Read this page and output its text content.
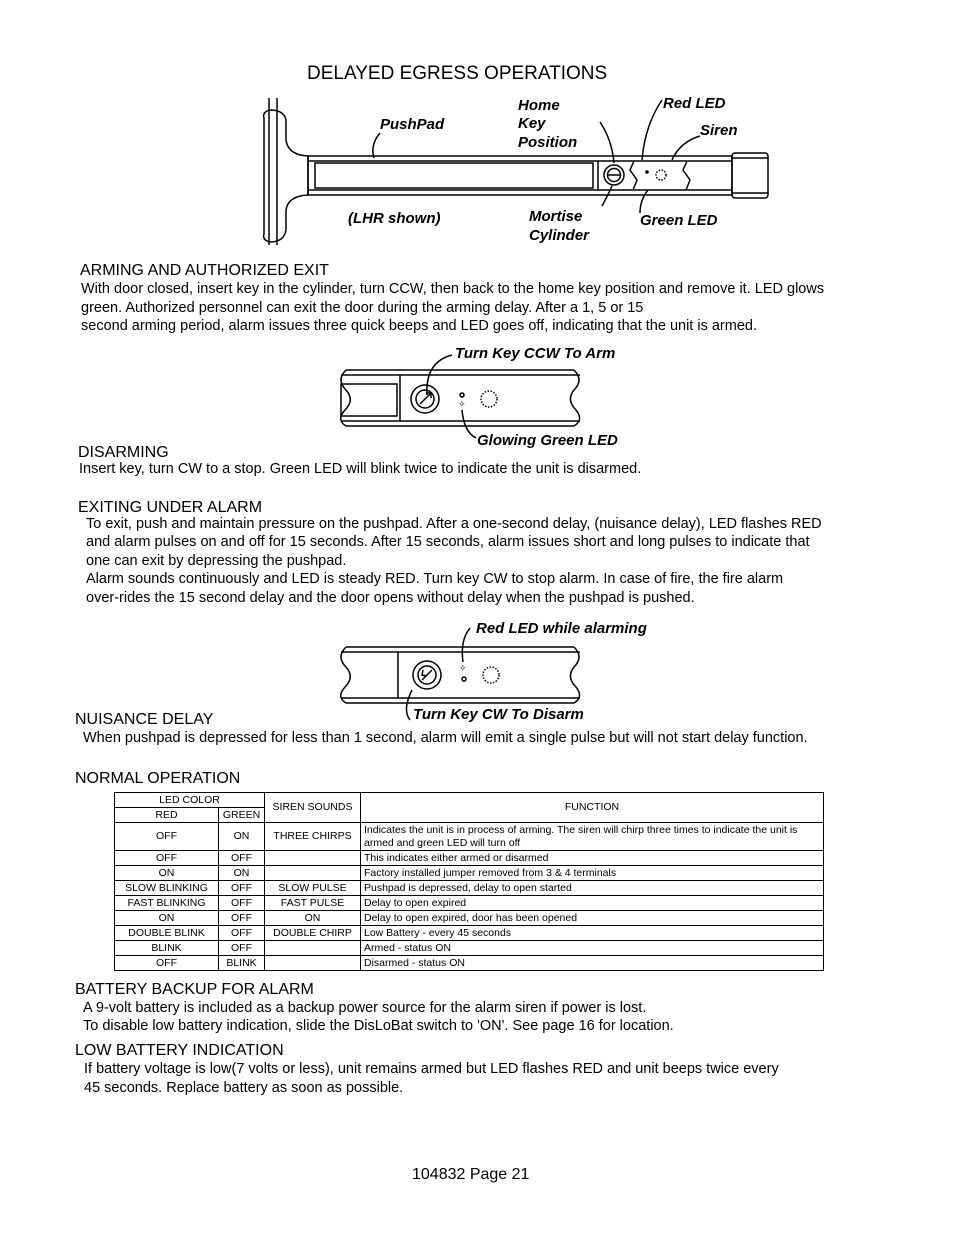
DELAYED EGRESS OPERATIONS
PushPad
Home
Key
Position
Red LED
Siren
(LHR shown)	Mortise
Cylinder
Green LED
ARMING AND AUTHORIZED EXIT
With door closed, insert key in the cylinder, turn CCW, then back to the home key position and remove it. LED glows
green. Authorized personnel can exit the door during the arming delay. After a 1, 5 or 15
second arming period, alarm issues three quick beeps and LED goes off, indicating that the unit is armed.
✧
Turn Key CCW To Arm
Glowing Green LED
DISARMING
Insert key, turn CW to a stop. Green LED will blink twice to indicate the unit is disarmed.
EXITING UNDER ALARM
To exit, push and maintain pressure on the pushpad. After a one-second delay, (nuisance delay), LED flashes RED
and alarm pulses on and off for 15 seconds. After 15 seconds, alarm issues short and long pulses to indicate that
one can exit by depressing the pushpad.
Alarm sounds continuously and LED is steady RED. Turn key CW to stop alarm. In case of fire, the fire alarm
over-rides the 15 second delay and the door opens without delay when the pushpad is pushed.
✧
Red LED while alarming
Turn Key CW To Disarm
NUISANCE DELAY
When pushpad is depressed for less than 1 second, alarm will emit a single pulse but will not start delay function.
NORMAL OPERATION
LED COLOR		SIREN SOUNDS	FUNCTION
RED	GREEN		
OFF	ON	THREE CHIRPS	Indicates the unit is in process of arming. The siren will chirp three times to indicate the unit is armed and green LED will turn off
OFF	OFF		This indicates either armed or disarmed
ON	ON		Factory installed jumper removed from 3 & 4 terminals
SLOW BLINKING	OFF	SLOW PULSE	Pushpad is depressed, delay to open started
FAST BLINKING	OFF	FAST PULSE	Delay to open expired
ON	OFF	ON	Delay to open expired, door has been opened
DOUBLE BLINK	OFF	DOUBLE CHIRP	Low Battery - every 45 seconds
BLINK	OFF		Armed - status ON
OFF	BLINK		Disarmed - status ON
BATTERY BACKUP FOR ALARM
A 9-volt battery is included as a backup power source for the alarm siren if power is lost.
To disable low battery indication, slide the DisLoBat switch to 'ON'. See page 16 for location.
LOW BATTERY INDICATION
If battery voltage is low(7 volts or less), unit remains armed but LED flashes RED and unit beeps twice every
45 seconds. Replace battery as soon as possible.
104832 Page 21
